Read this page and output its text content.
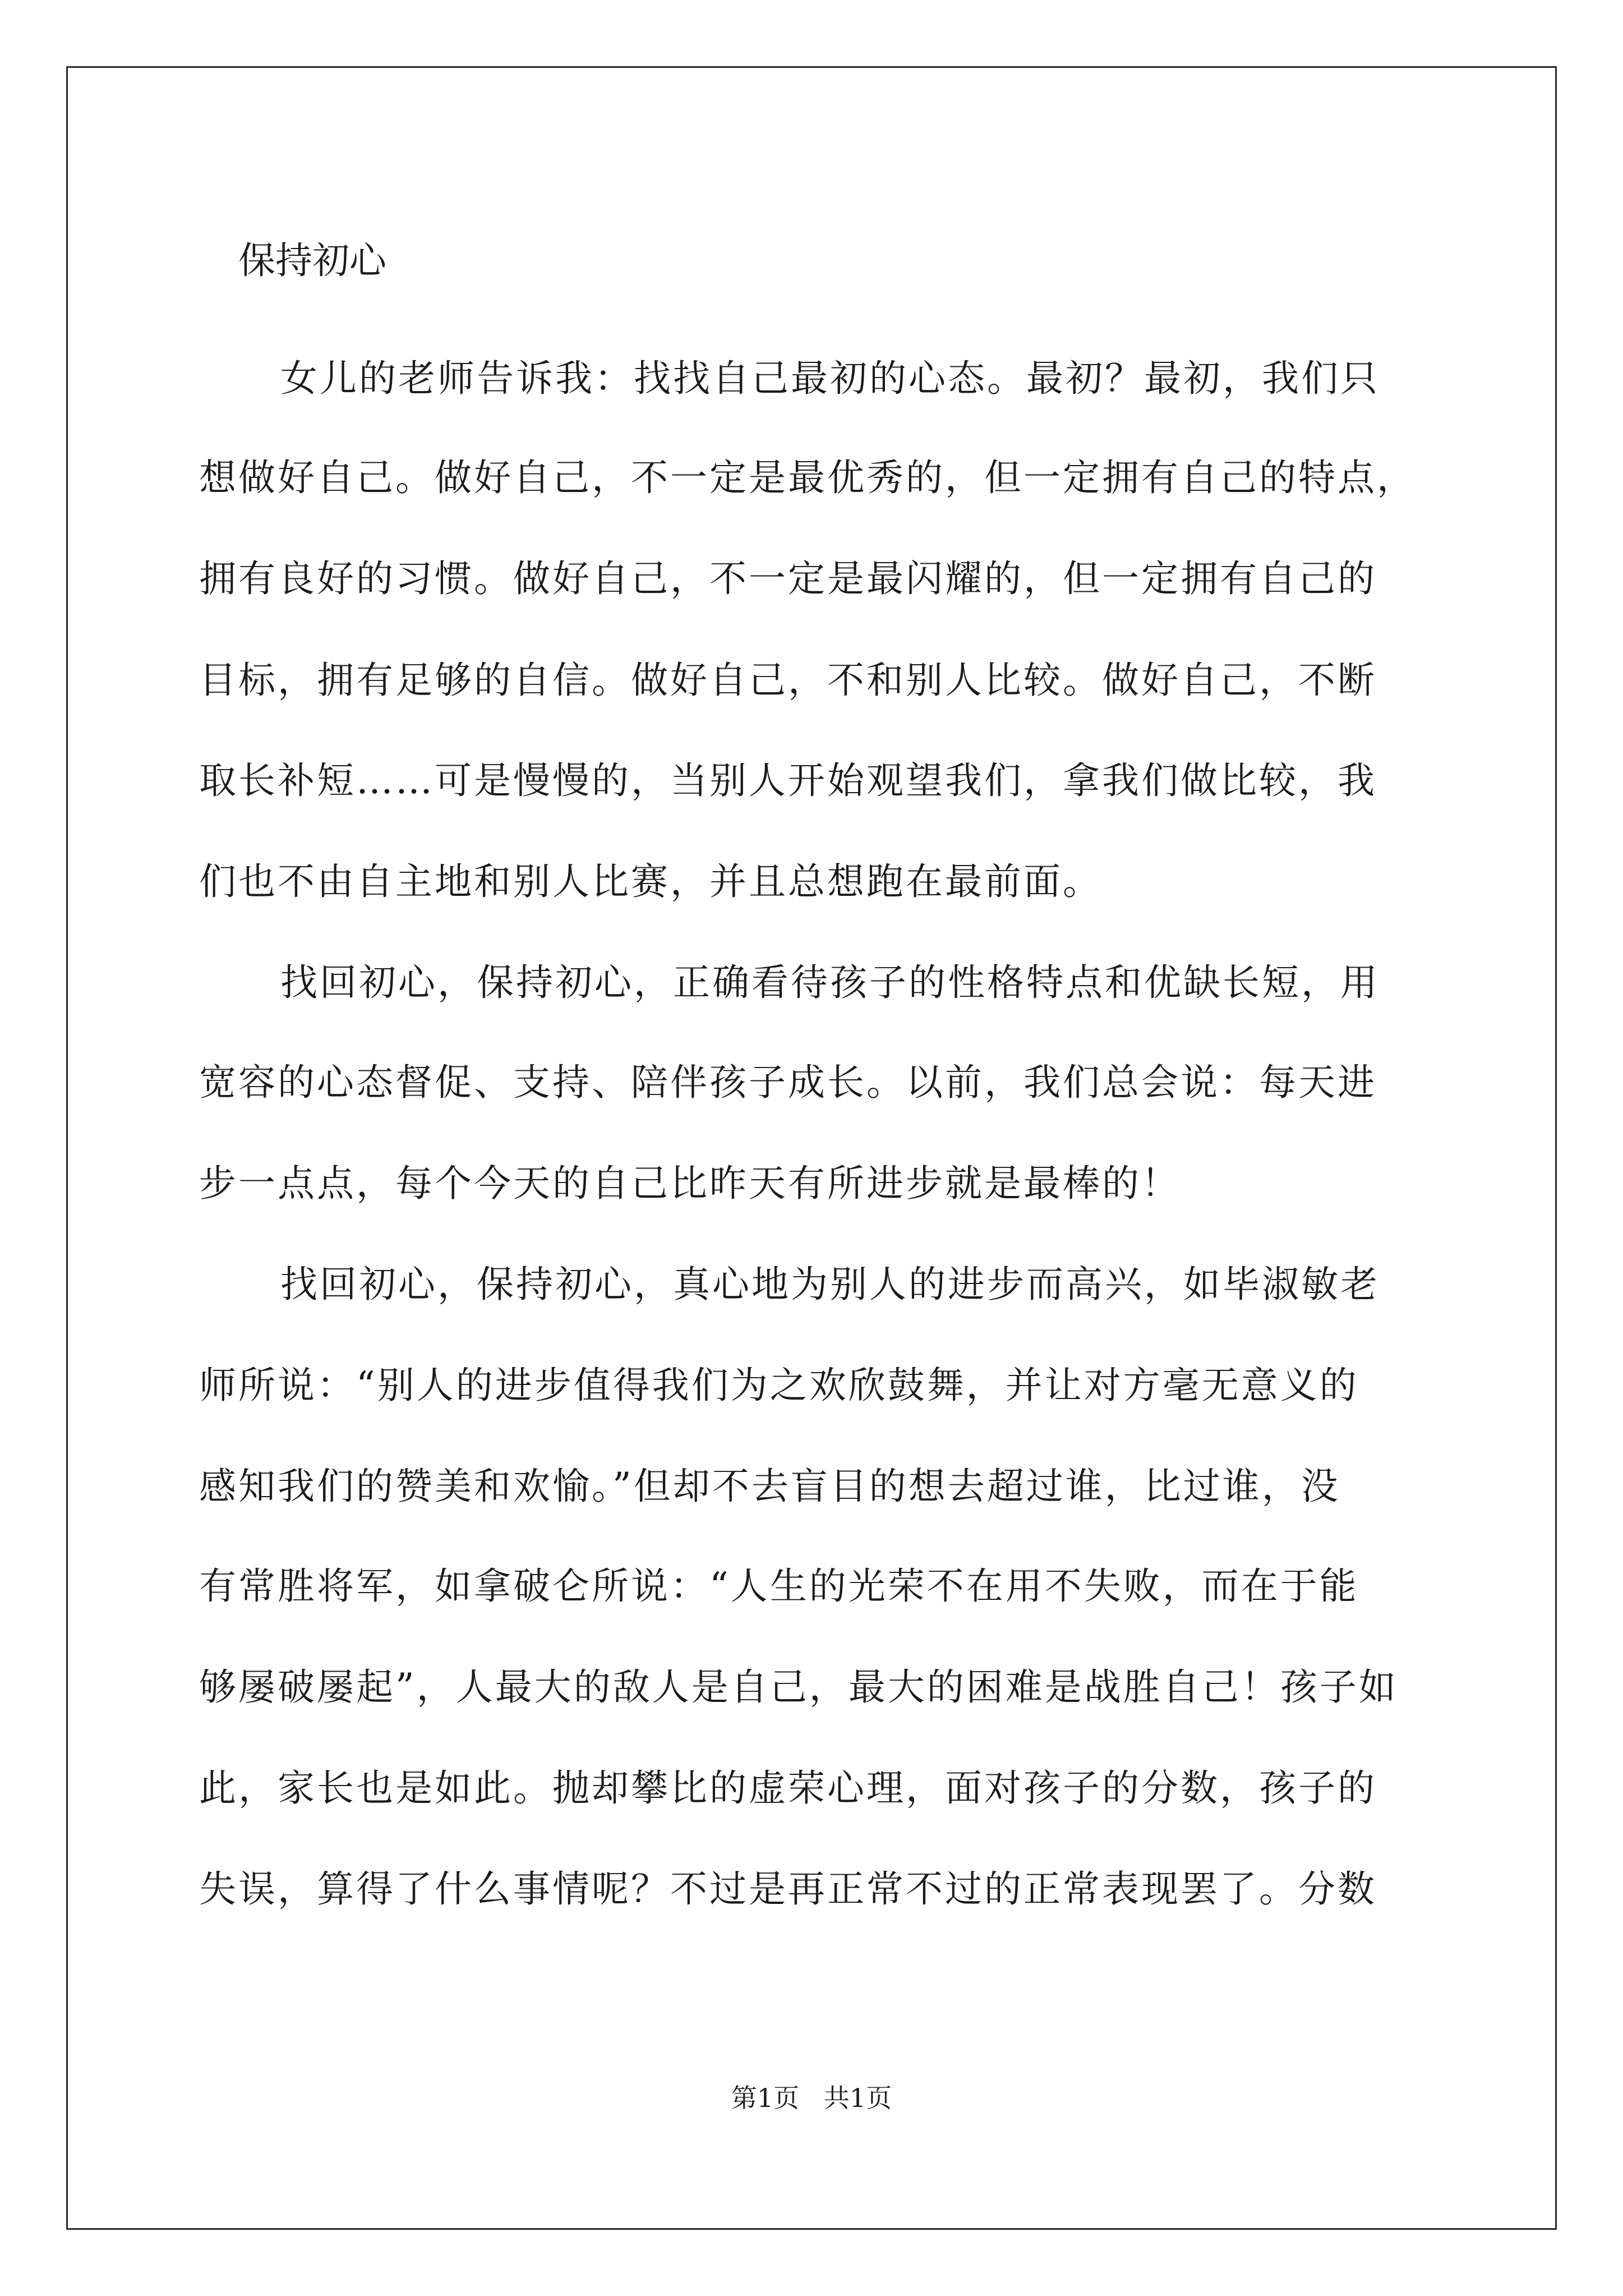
保持初心

女儿的老师告诉我：找找自己最初的心态。最初？最初，我们只

想做好自己。做好自己，不一定是最优秀的，但一定拥有自己的特点，

拥有良好的习惯。做好自己，不一定是最闪耀的，但一定拥有自己的

目标，拥有足够的自信。做好自己，不和别人比较。做好自己，不断

取长补短……可是慢慢的，当别人开始观望我们，拿我们做比较，我

们也不由自主地和别人比赛，并且总想跑在最前面。

找回初心，保持初心，正确看待孩子的性格特点和优缺长短，用

宽容的心态督促、支持、陪伴孩子成长。以前，我们总会说：每天进

步一点点，每个今天的自己比昨天有所进步就是最棒的！

找回初心，保持初心，真心地为别人的进步而高兴，如毕淑敏老

师所说：“别人的进步值得我们为之欢欣鼓舞，并让对方毫无意义的

感知我们的赞美和欢愉。”但却不去盲目的想去超过谁，比过谁，没

有常胜将军，如拿破仑所说：“人生的光荣不在用不失败，而在于能

够屡破屡起”，人最大的敌人是自己，最大的困难是战胜自己！孩子如

此，家长也是如此。抛却攀比的虚荣心理，面对孩子的分数，孩子的

失误，算得了什么事情呢？不过是再正常不过的正常表现罢了。分数

第1页   共1页
